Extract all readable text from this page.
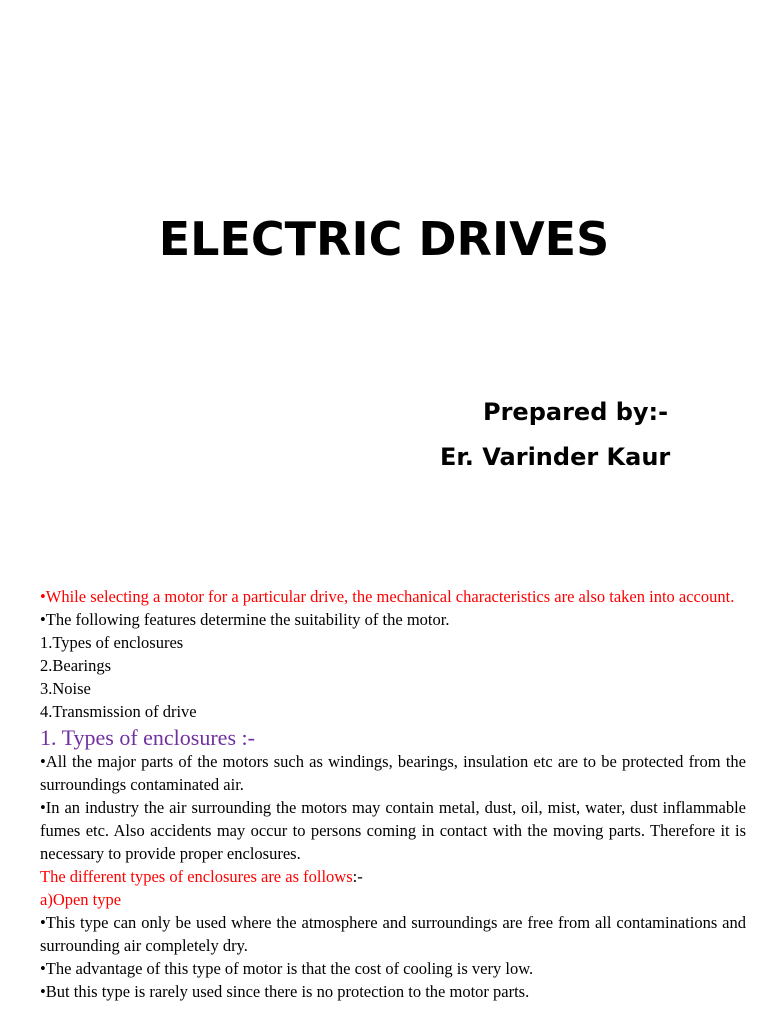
ELECTRIC DRIVES

Prepared by:-

Er. Varinder Kaur

•While selecting a motor for a particular drive, the mechanical characteristics are also taken into account.
•The following features determine the suitability of the motor.
1.Types of enclosures
2.Bearings
3.Noise
4.Transmission of drive
1. Types of enclosures :-
•All the major parts of the motors such as windings, bearings, insulation etc are to be protected from the surroundings contaminated air.
•In an industry the air surrounding the motors may contain metal, dust, oil, mist, water, dust inflammable fumes etc. Also accidents may occur to persons coming in contact with the moving parts. Therefore it is necessary to provide proper enclosures.
The different types of enclosures are as follows:-
a)Open type
•This type can only be used where the atmosphere and surroundings are free from all contaminations and surrounding air completely dry.
•The advantage of this type of motor is that the cost of cooling is very low.
•But this type is rarely used since there is no protection to the motor parts.
